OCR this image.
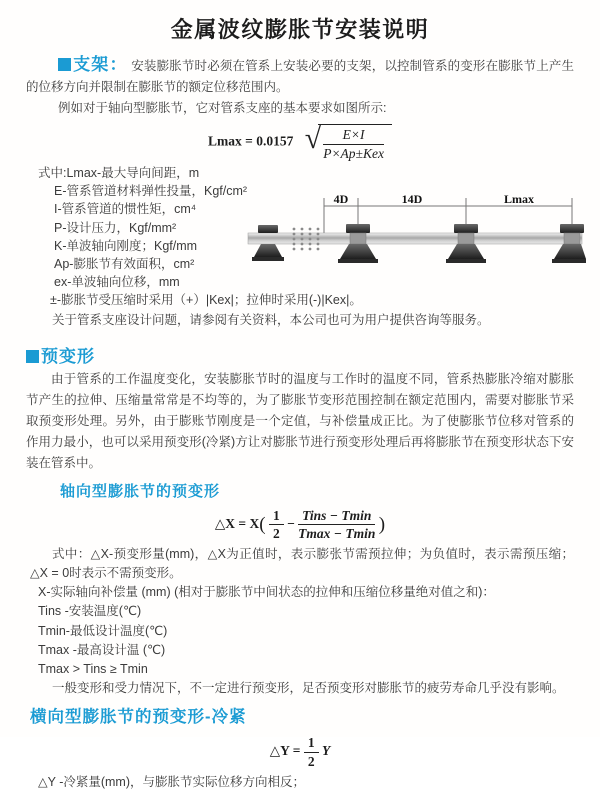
金属波纹膨胀节安装说明
支架： 安装膨胀节时必须在管系上安装必要的支架，以控制管系的变形在膨胀节上产生的位移方向并限制在膨胀节的额定位移范围内。
例如对于轴向型膨胀节，它对管系支座的基本要求如图所示:
Lmax = 0.0157 √ $\frac{E\times I}{\text{P×Ap±Kex}}$
式中:Lmax-最大导向间距，m
E-管系管道材料弹性投量，Kgf/cm²
I-管系管道的惯性矩，cm⁴
P-设计压力，Kgf/mm²
K-单波轴向刚度；Kgf/mm
Ap-膨胀节有效面积，cm²
ex-单波轴向位移，mm
±-膨胀节受压缩时采用（+）|Kex|；拉伸时采用(-)|Kex|。
4D	14D	Lmax
关于管系支座设计问题，请参阅有关资料，本公司也可为用户提供咨询等服务。
预变形
由于管系的工作温度变化，安装膨胀节时的温度与工作时的温度不同，管系热膨胀冷缩对膨胀节产生的拉伸、压缩量常常是不均等的，为了膨胀节变形范围控制在额定范围内，需要对膨胀节采取预变形处理。另外，由于膨账节刚度是一个定值，与补偿量成正比。为了使膨胀节位移对管系的作用力最小，也可以采用预变形(冷紧)方让对膨胀节进行预变形处理后再将膨胀节在预变形状态下安装在管系中。
轴向型膨胀节的预变形
△X = $X( \frac{1}{2} - \frac{\text{Tins − Tmin}}{Tmax - Tmin}$ )
式中：△X-预变形量(mm)，△X为正值时，表示膨张节需预拉伸；为负值时，表示需预压缩；△X = 0时表示不需预变形。
X-实际轴向补偿量 (mm) (相对于膨胀节中间状态的拉伸和压缩位移量绝对值之和)：
Tins -安装温度(℃)
Tmin-最低设计温度(℃)
Tmax -最高设计温 (℃)
Tmax > Tins ≥ Tmin
一般变形和受力情况下，不一定进行预变形，足否预变形对膨胀节的疲劳寿命几乎没有影响。
横向型膨胀节的预变形-冷紧
△Y = $\frac{1}{2}$ Y
△Y -冷紧量(mm)，与膨胀节实际位移方向相反；
